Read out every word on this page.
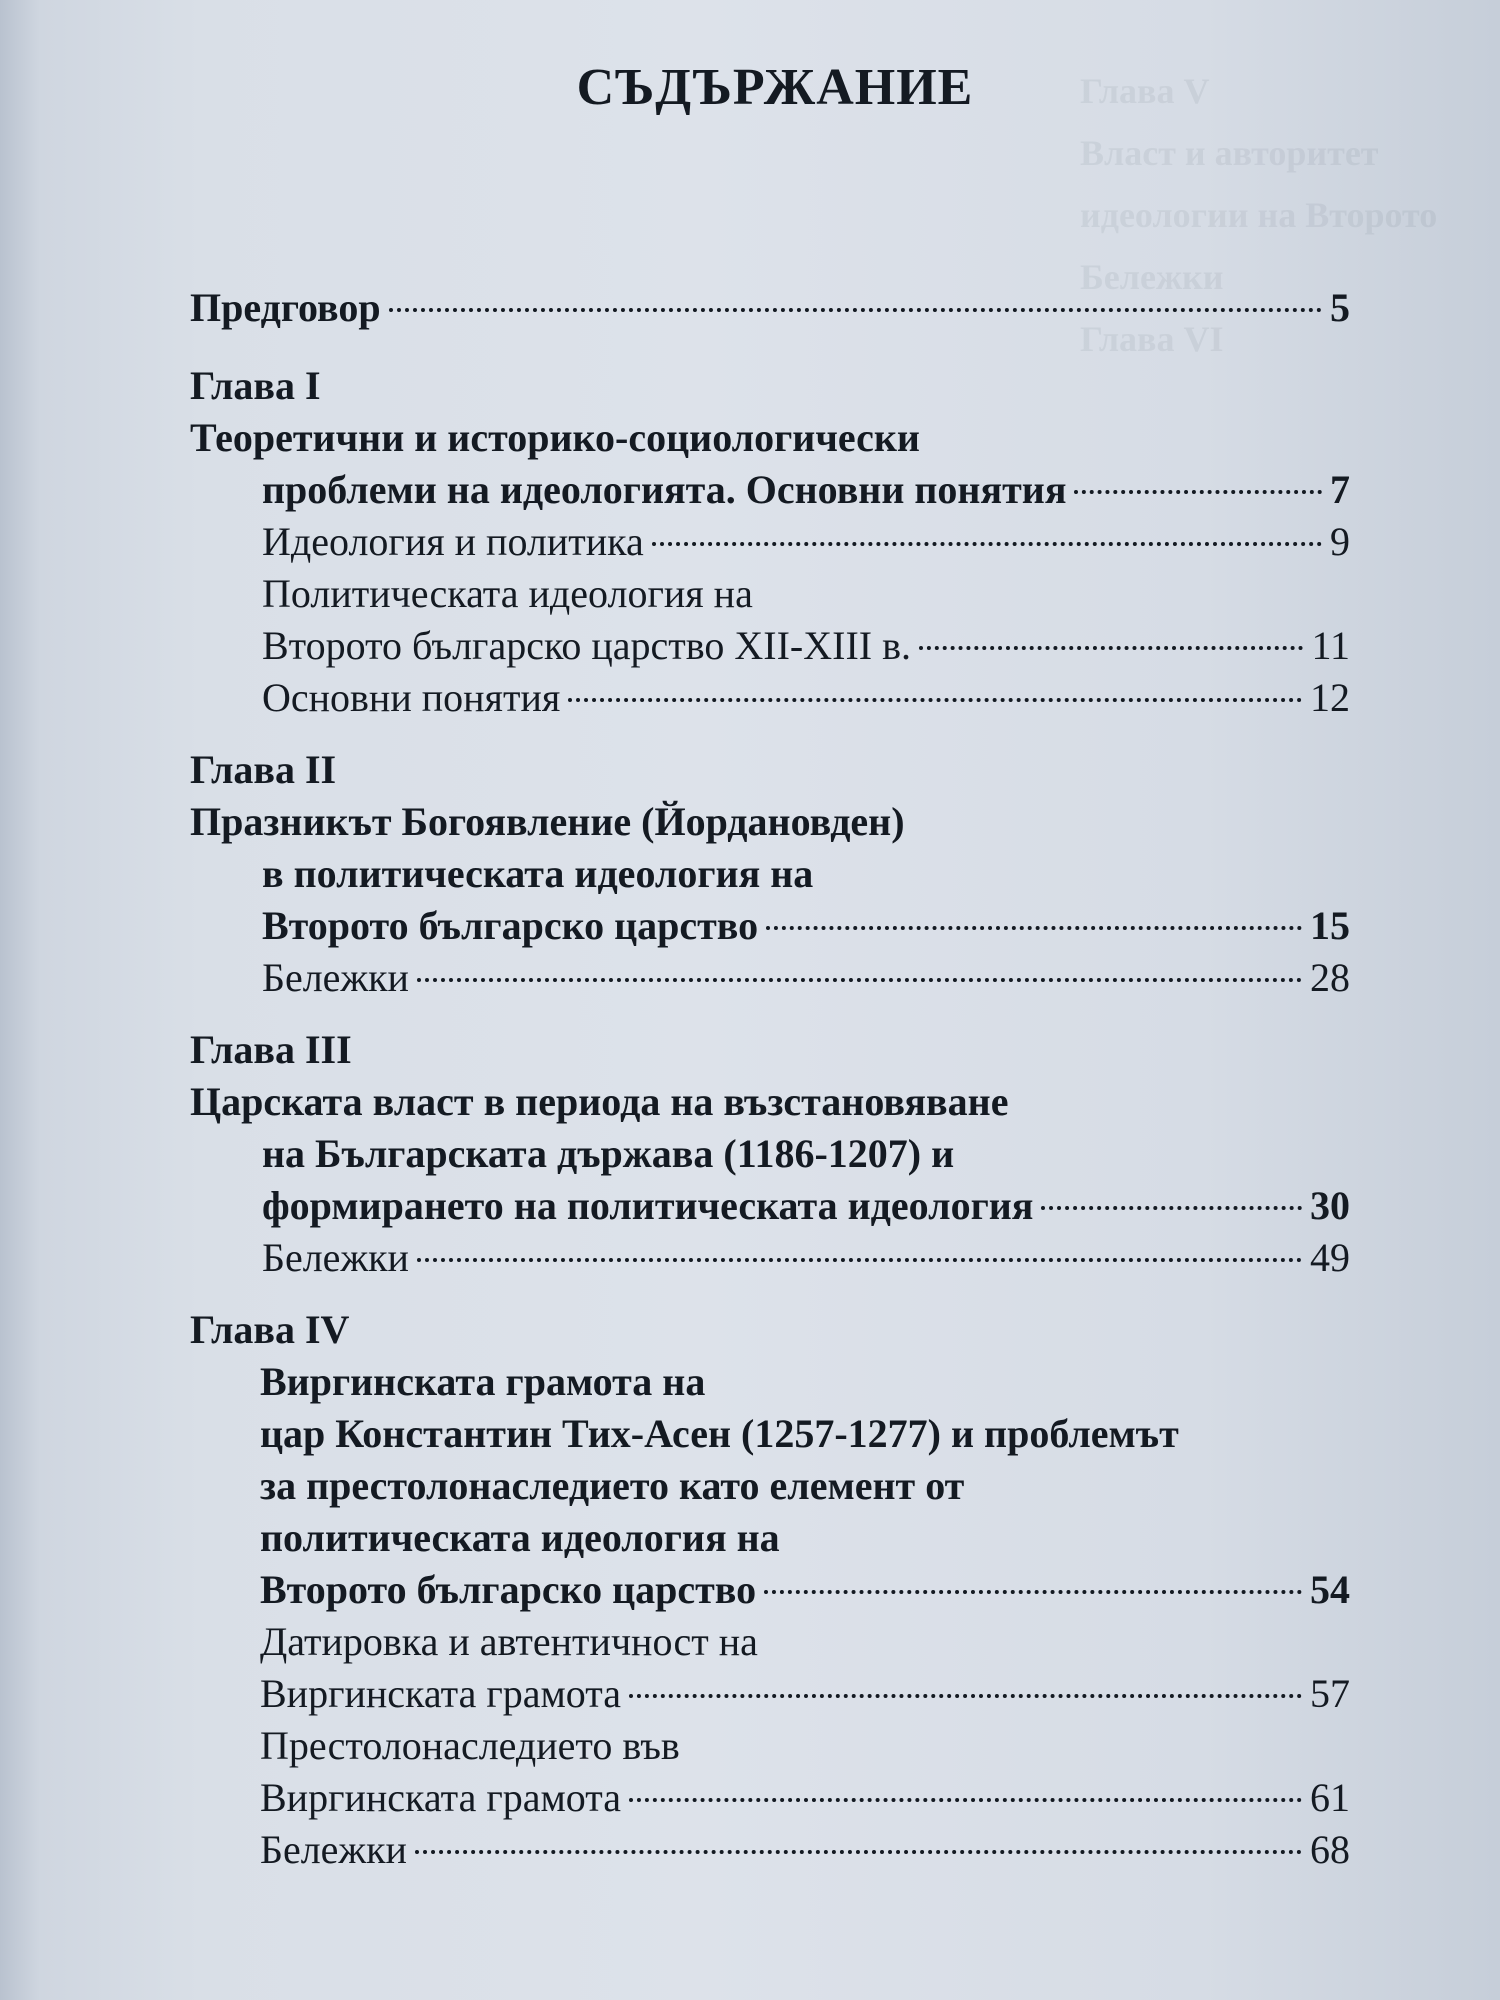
Глава V
Власт и авторитет
идеологии на Второто
Бележки
Глава VI
СЪДЪРЖАНИЕ
Предговор	5
Глава I
Теоретични и историко-социологически
проблеми на идеологията. Основни понятия	7
Идеология и политика	9
Политическата идеология на
Второто българско царство XII-XIII в.	11
Основни понятия	12
Глава II
Празникът Богоявление (Йордановден)
в политическата идеология на
Второто българско царство	15
Бележки	28
Глава III
Царската власт в периода на възстановяване
на Българската държава (1186-1207) и
формирането на политическата идеология	30
Бележки	49
Глава IV
Виргинската грамота на
цар Константин Тих-Асен (1257-1277) и проблемът
за престолонаследието като елемент от
политическата идеология на
Второто българско царство	54
Датировка и автентичност на
Виргинската грамота	57
Престолонаследието във
Виргинската грамота	61
Бележки	68
